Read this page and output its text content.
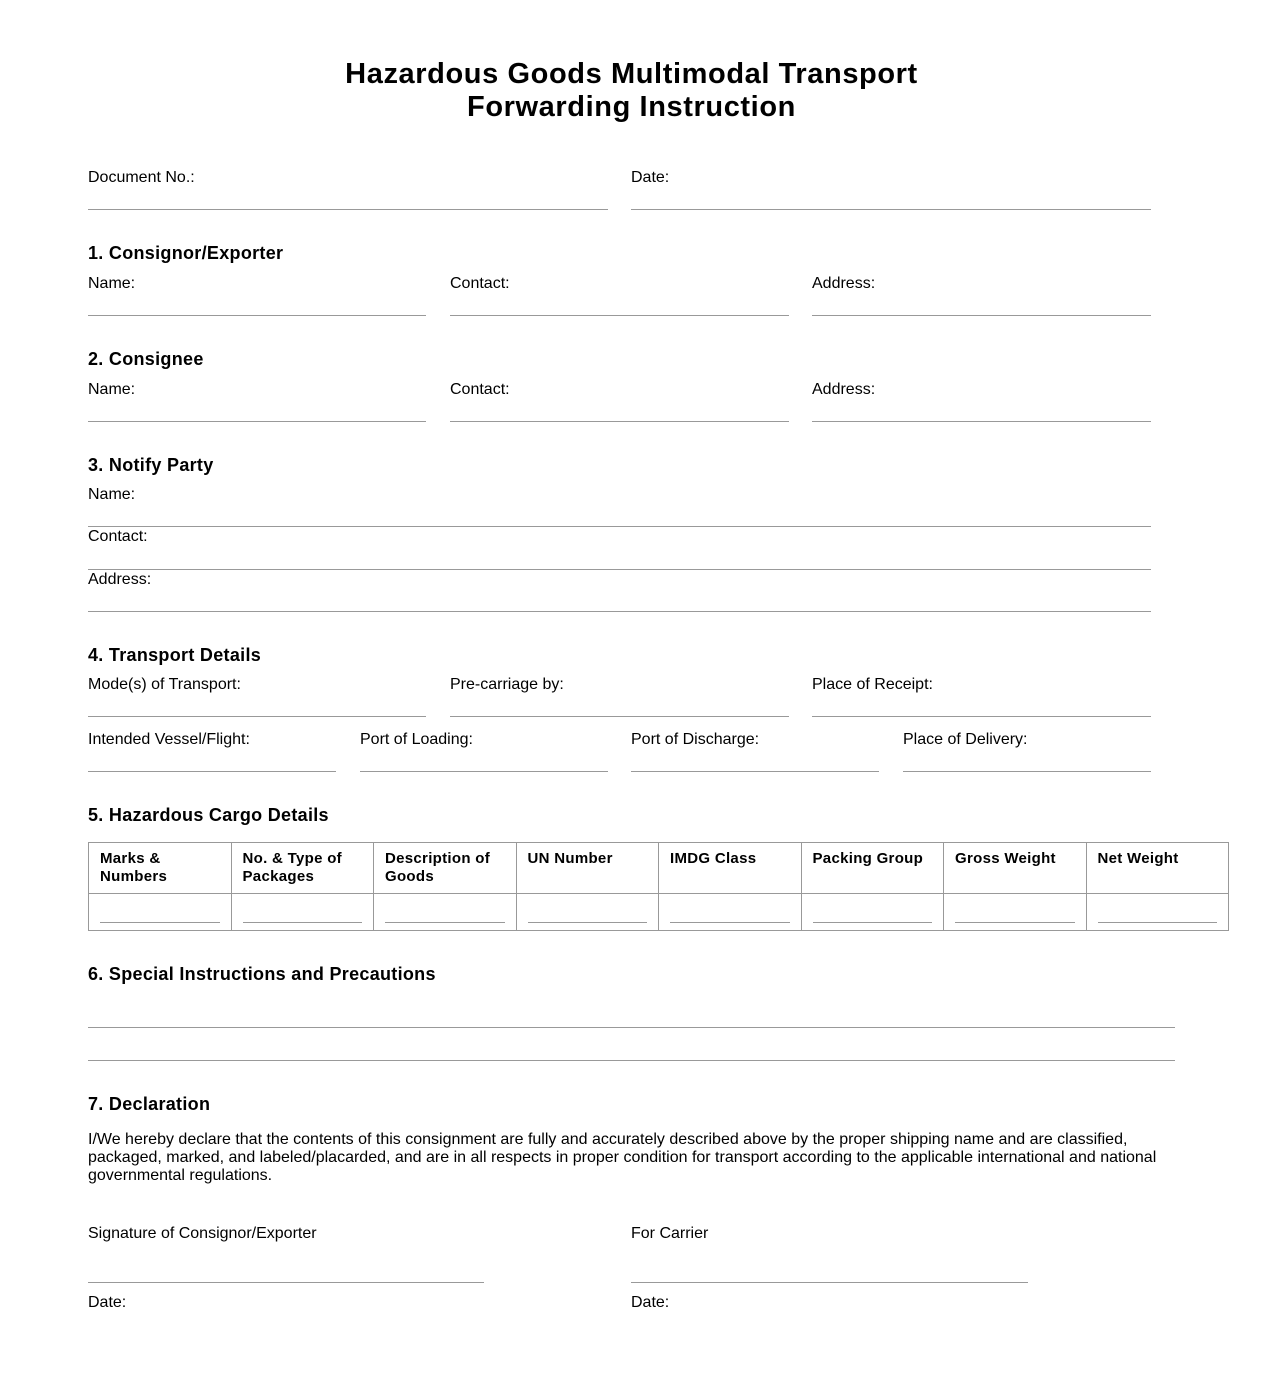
Hazardous Goods Multimodal Transport
Forwarding Instruction
Document No.:	Date:
1. Consignor/Exporter
Name:	Contact:	Address:
2. Consignee
Name:	Contact:	Address:
3. Notify Party
Name:
Contact:
Address:
4. Transport Details
Mode(s) of Transport:	Pre-carriage by:	Place of Receipt:
Intended Vessel/Flight:	Port of Loading:	Port of Discharge:	Place of Delivery:
5. Hazardous Cargo Details
Marks & Numbers	No. & Type of Packages	Description of Goods	UN Number	IMDG Class	Packing Group	Gross Weight	Net Weight

6. Special Instructions and Precautions
7. Declaration
I/We hereby declare that the contents of this consignment are fully and accurately described above by the proper shipping name and are classified, packaged, marked, and labeled/placarded, and are in all respects in proper condition for transport according to the applicable international and national governmental regulations.
Signature of Consignor/Exporter	For Carrier
Date:	Date:
